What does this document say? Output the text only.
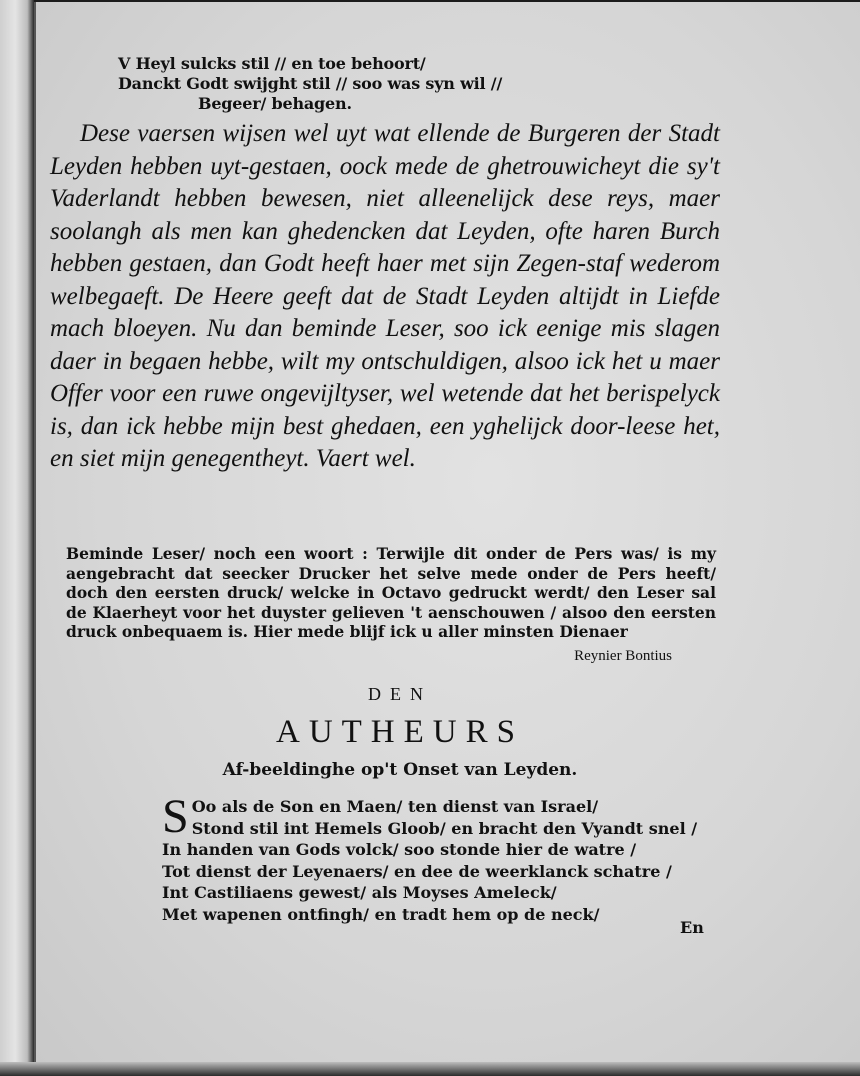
V Heyl sulcks stil // en toe behoort/
Danckt Godt swijght stil // soo was syn wil //
Begeer/ behagen.
Dese vaersen wijsen wel uyt wat ellende de Burgeren der Stadt Leyden hebben uyt-gestaen, oock mede de ghetrouwicheyt die sy't Vaderlandt hebben bewesen, niet alleenelijck dese reys, maer soolangh als men kan ghedencken dat Leyden, ofte haren Burch hebben gestaen, dan Godt heeft haer met sijn Zegen-staf wederom welbegaeft. De Heere geeft dat de Stadt Leyden altijdt in Liefde mach bloeyen. Nu dan beminde Leser, soo ick eenige mis slagen daer in begaen hebbe, wilt my ontschuldigen, alsoo ick het u maer Offer voor een ruwe ongevijltyser, wel wetende dat het berispelyck is, dan ick hebbe mijn best ghedaen, een yghelijck door-leese het, en siet mijn genegentheyt. Vaert wel.
Beminde Leser/ noch een woort : Terwijle dit onder de Pers was/ is my aengebracht dat seecker Drucker het selve mede onder de Pers heeft/ doch den eersten druck/ welcke in Octavo gedruckt werdt/ den Leser sal de Klaerheyt voor het duyster gelieven 't aenschouwen / alsoo den eersten druck onbequaem is. Hier mede blijf ick u aller minsten Dienaer
Reynier Bontius
DEN
AUTHEURS
Af-beeldinghe op't Onset van Leyden.
S Oo als de Son en Maen/ ten dienst van Israel/
Stond stil int Hemels Gloob/ en bracht den Vyandt snel /
In handen van Gods volck/ soo stonde hier de watre /
Tot dienst der Leyenaers/ en dee de weerklanck schatre /
Int Castiliaens gewest/ als Moyses Ameleck/
Met wapenen ontfingh/ en tradt hem op de neck/
En
